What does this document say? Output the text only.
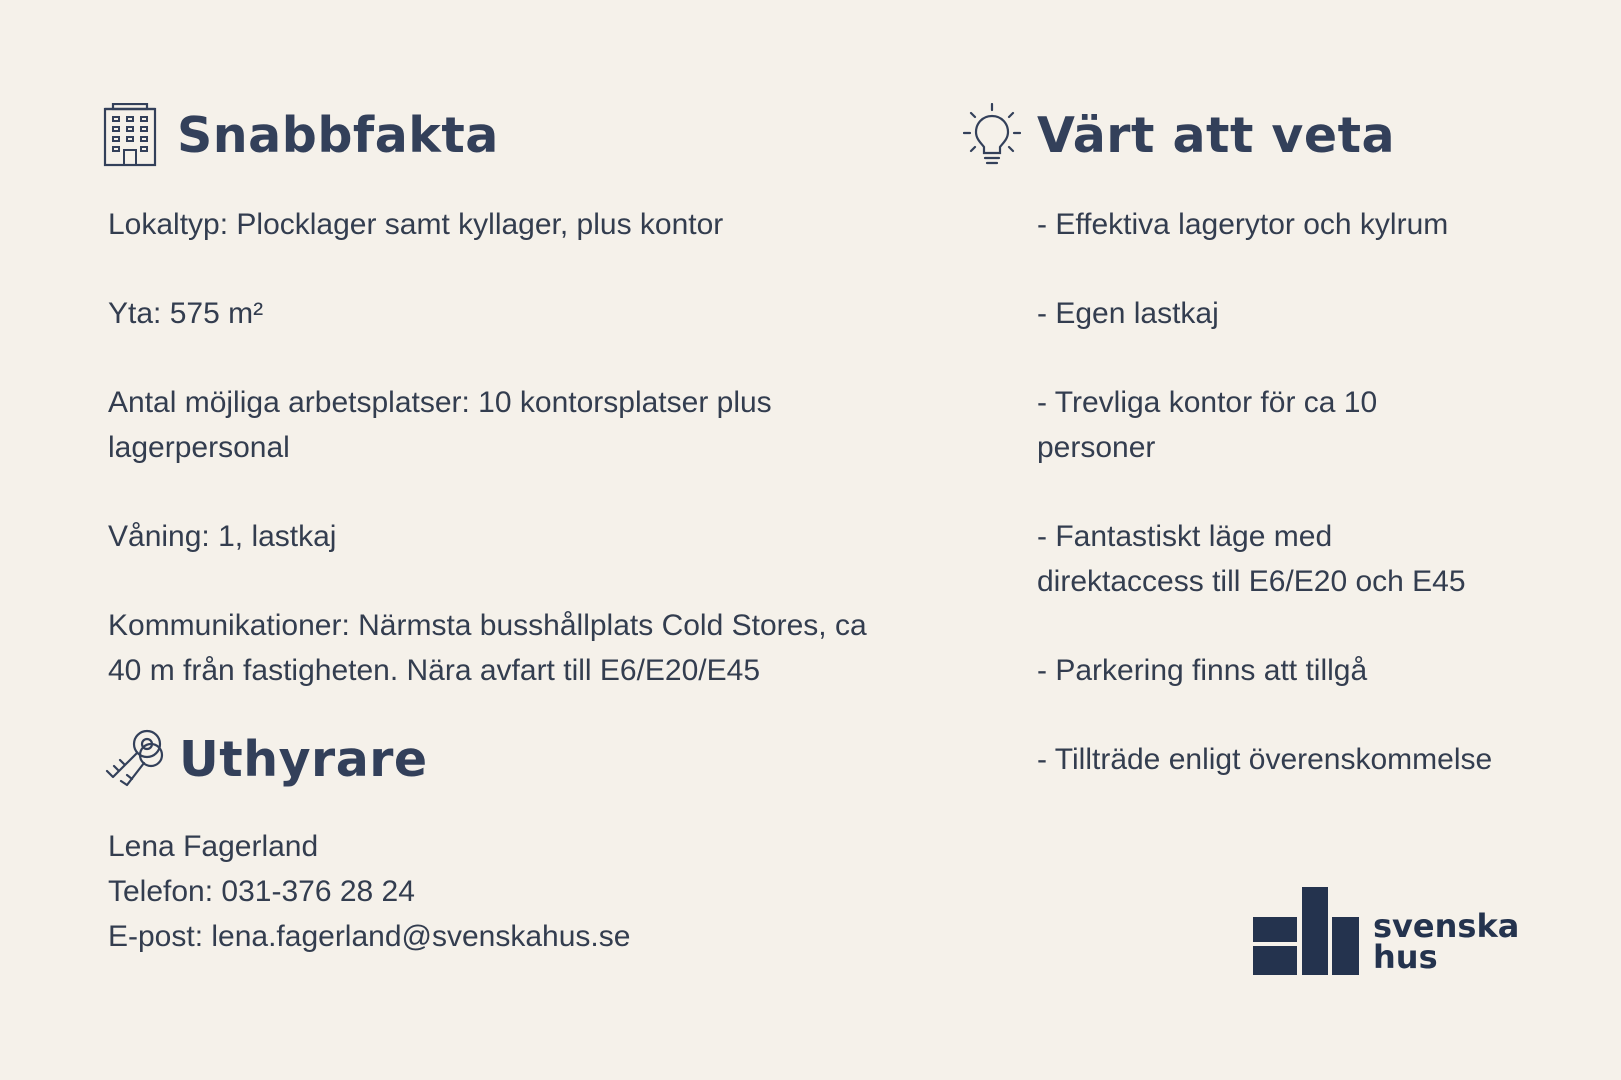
Snabbfakta

Lokaltyp: Plocklager samt kyllager, plus kontor

Yta: 575 m²

Antal möjliga arbetsplatser: 10 kontorsplatser plus
lagerpersonal

Våning: 1, lastkaj

Kommunikationer: Närmsta busshållplats Cold Stores, ca
40 m från fastigheten. Nära avfart till E6/E20/E45
Uthyrare
Lena Fagerland
Telefon: 031-376 28 24
E-post: lena.fagerland@svenskahus.se
Värt att veta

- Effektiva lagerytor och kylrum

- Egen lastkaj

- Trevliga kontor för ca 10
personer
- Fantastiskt läge med
direktaccess till E6/E20 och E45

- Parkering finns att tillgå

- Tillträde enligt överenskommelse

svenska
hus
